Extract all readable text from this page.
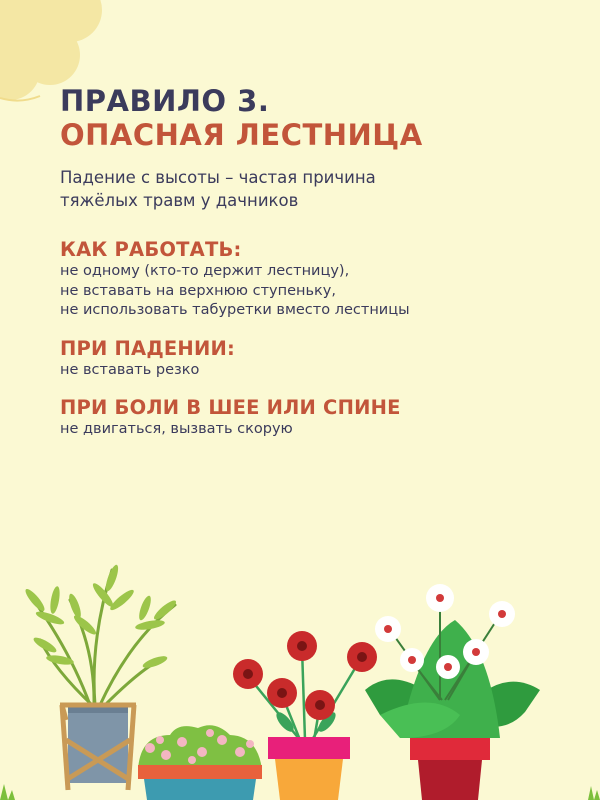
ПРАВИЛО 3.
ОПАСНАЯ ЛЕСТНИЦА

Падение с высоты – частая причина

тяжёлых травм у дачников

КАК РАБОТАТЬ:

не одному (кто-то держит лестницу),

не вставать на верхнюю ступеньку,

не использовать табуретки вместо лестницы

ПРИ ПАДЕНИИ:

не вставать резко

ПРИ БОЛИ В ШЕЕ ИЛИ СПИНЕ

не двигаться, вызвать скорую
